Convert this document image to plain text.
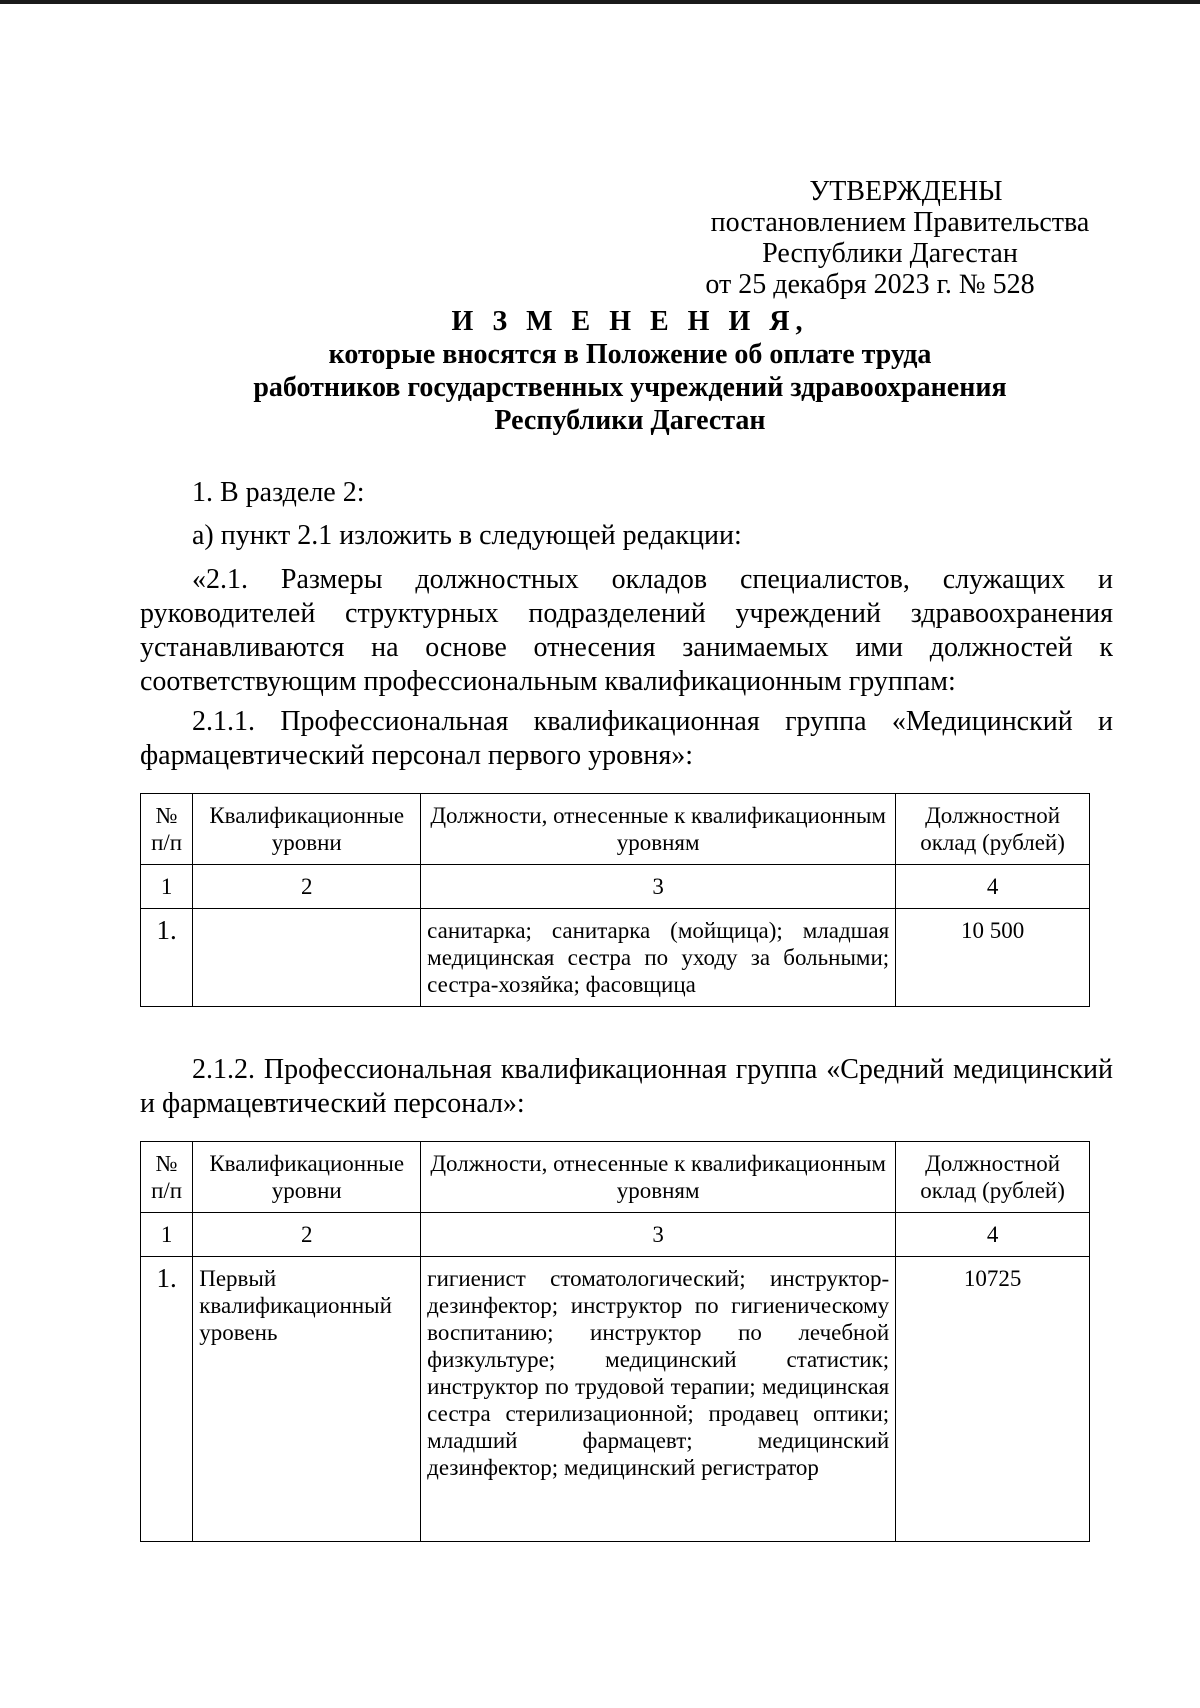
УТВЕРЖДЕНЫ
постановлением Правительства
Республики Дагестан
от 25 декабря 2023 г. № 528
И З М Е Н Е Н И Я,
которые вносятся в Положение об оплате труда
работников государственных учреждений здравоохранения
Республики Дагестан
1. В разделе 2:
а) пункт 2.1 изложить в следующей редакции:
«2.1. Размеры должностных окладов специалистов, служащих и руководителей структурных подразделений учреждений здравоохранения устанавливаются на основе отнесения занимаемых ими должностей к соответствующим профессиональным квалификационным группам:
2.1.1. Профессиональная квалификационная группа «Медицинский и фармацевтический персонал первого уровня»:
№ п/п	Квалификационные уровни	Должности, отнесенные к квалификационным уровням	Должностной оклад (рублей)
1	2	3	4
1.		санитарка; санитарка (мойщица); младшая медицинская сестра по уходу за больными; сестра-хозяйка; фасовщица	10 500
2.1.2. Профессиональная квалификационная группа «Средний медицинский и фармацевтический персонал»:
№ п/п	Квалификационные уровни	Должности, отнесенные к квалификационным уровням	Должностной оклад (рублей)
1	2	3	4
1.	Первый квалификационный уровень	гигиенист стоматологический; инструктор-дезинфектор; инструктор по гигиеническому воспитанию; инструктор по лечебной физкультуре; медицинский статистик; инструктор по трудовой терапии; медицинская сестра стерилизационной; продавец оптики; младший фармацевт; медицинский дезинфектор; медицинский регистратор	10725
